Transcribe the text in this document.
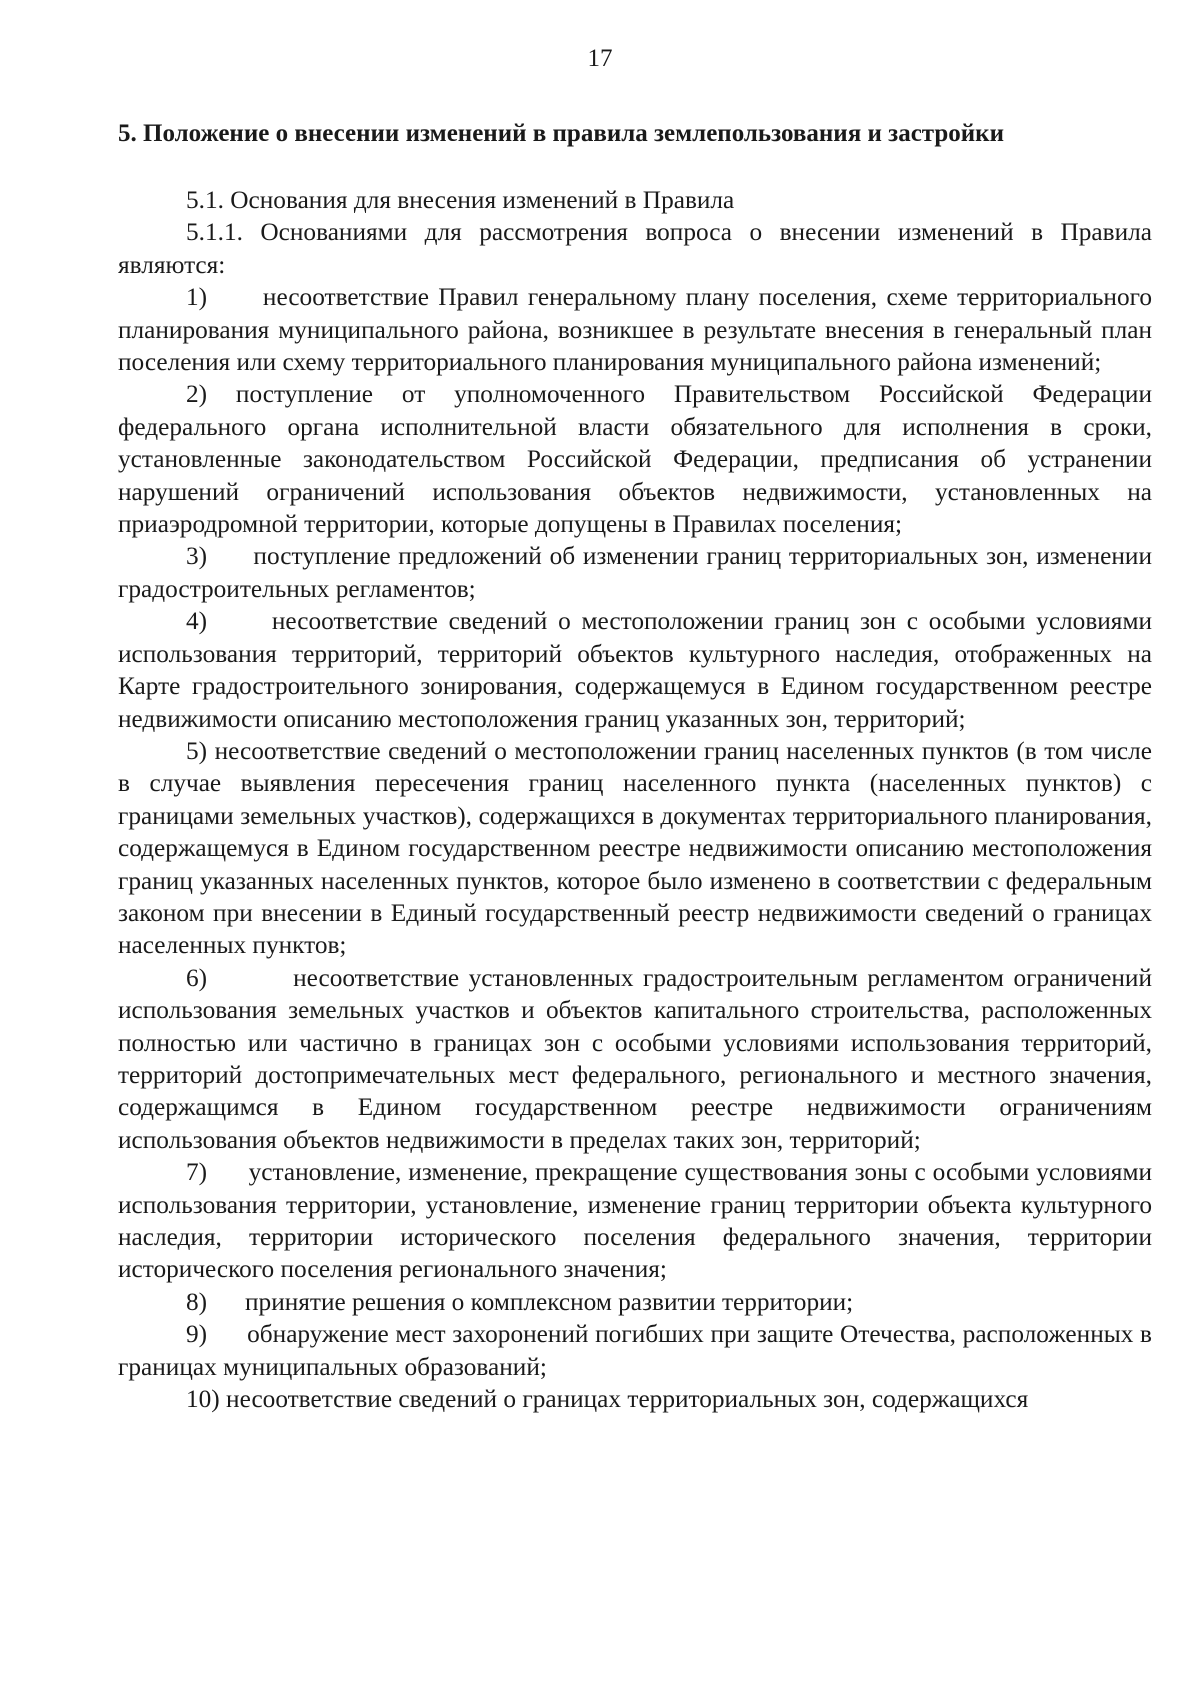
17
5. Положение о внесении изменений в правила землепользования и застройки

5.1. Основания для внесения изменений в Правила

5.1.1. Основаниями для рассмотрения вопроса о внесении изменений в Правила являются:

1)      несоответствие Правил генеральному плану поселения, схеме территориального планирования муниципального района, возникшее в результате внесения в генеральный план поселения или схему территориального планирования муниципального района изменений;

2) поступление от уполномоченного Правительством Российской Федерации федерального органа исполнительной власти обязательного для исполнения в сроки, установленные законодательством Российской Федерации, предписания об устранении нарушений ограничений использования объектов недвижимости, установленных на приаэродромной территории, которые допущены в Правилах поселения;

3)      поступление предложений об изменении границ территориальных зон, изменении градостроительных регламентов;

4)      несоответствие сведений о местоположении границ зон с особыми условиями использования территорий, территорий объектов культурного наследия, отображенных на Карте градостроительного зонирования, содержащемуся в Едином государственном реестре недвижимости описанию местоположения границ указанных зон, территорий;

5) несоответствие сведений о местоположении границ населенных пунктов (в том числе в случае выявления пересечения границ населенного пункта (населенных пунктов) с границами земельных участков), содержащихся в документах территориального планирования, содержащемуся в Едином государственном реестре недвижимости описанию местоположения границ указанных населенных пунктов, которое было изменено в соответствии с федеральным законом при внесении в Единый государственный реестр недвижимости сведений о границах населенных пунктов;

6)         несоответствие установленных градостроительным регламентом ограничений использования земельных участков и объектов капитального строительства, расположенных полностью или частично в границах зон с особыми условиями использования территорий, территорий достопримечательных мест федерального, регионального и местного значения, содержащимся в Едином государственном реестре недвижимости ограничениям использования объектов недвижимости в пределах таких зон, территорий;

7)      установление, изменение, прекращение существования зоны с особыми условиями использования территории, установление, изменение границ территории объекта культурного наследия, территории исторического поселения федерального значения, территории исторического поселения регионального значения;

8)      принятие решения о комплексном развитии территории;

9)      обнаружение мест захоронений погибших при защите Отечества, расположенных в границах муниципальных образований;

10) несоответствие сведений о границах территориальных зон, содержащихся
